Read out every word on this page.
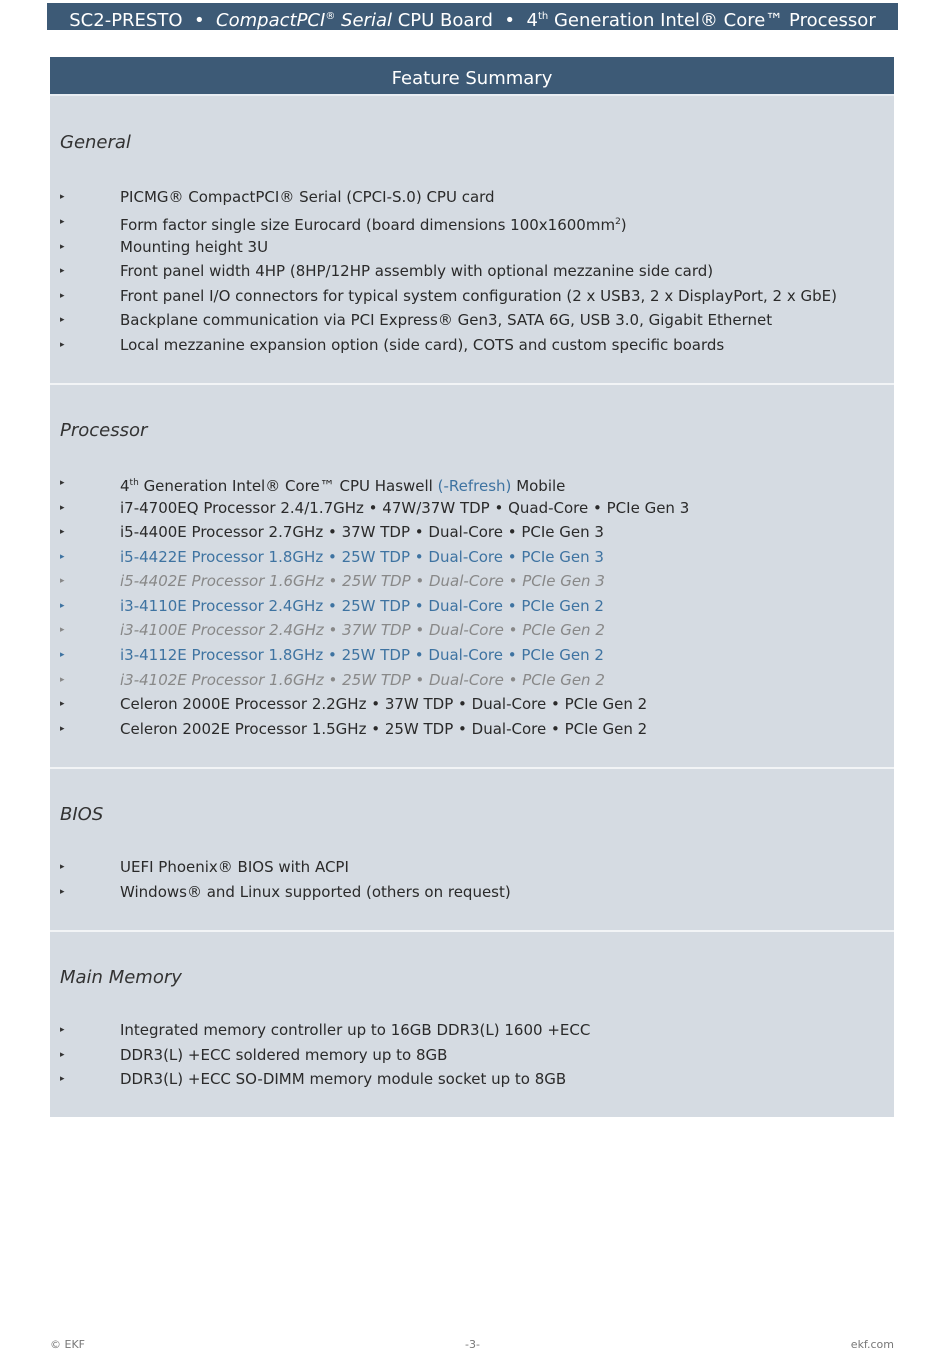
SC2-PRESTO • CompactPCI® Serial CPU Board • 4th Generation Intel® Core™ Processor
Feature Summary
General
▸	PICMG® CompactPCI® Serial (CPCI-S.0) CPU card
▸	Form factor single size Eurocard (board dimensions $100x1600mm^2$)
▸	Mounting height 3U
▸	Front panel width 4HP (8HP/12HP assembly with optional mezzanine side card)
▸	Front panel I/O connectors for typical system configuration (2 x USB3, 2 x DisplayPort, 2 x GbE)
▸	Backplane communication via PCI Express® Gen3, SATA 6G, USB 3.0, Gigabit Ethernet
▸	Local mezzanine expansion option (side card), COTS and custom specific boards
Processor
▸	4th Generation Intel® Core™ CPU Haswell (-Refresh) Mobile
▸	i7-4700EQ Processor 2.4/1.7GHz • 47W/37W TDP • Quad-Core • PCIe Gen 3
▸	i5-4400E Processor 2.7GHz • 37W TDP • Dual-Core • PCIe Gen 3
▸	i5-4422E Processor 1.8GHz • 25W TDP • Dual-Core • PCIe Gen 3
▸	i5-4402E Processor 1.6GHz • 25W TDP • Dual-Core • PCIe Gen 3
▸	i3-4110E Processor 2.4GHz • 25W TDP • Dual-Core • PCIe Gen 2
▸	i3-4100E Processor 2.4GHz • 37W TDP • Dual-Core • PCIe Gen 2
▸	i3-4112E Processor 1.8GHz • 25W TDP • Dual-Core • PCIe Gen 2
▸	i3-4102E Processor 1.6GHz • 25W TDP • Dual-Core • PCIe Gen 2
▸	Celeron 2000E Processor 2.2GHz • 37W TDP • Dual-Core • PCIe Gen 2
▸	Celeron 2002E Processor 1.5GHz • 25W TDP • Dual-Core • PCIe Gen 2
BIOS
▸	UEFI Phoenix® BIOS with ACPI
▸	Windows® and Linux supported (others on request)
Main Memory
▸	Integrated memory controller up to 16GB DDR3(L) 1600 +ECC
▸	DDR3(L) +ECC soldered memory up to 8GB
▸	DDR3(L) +ECC SO-DIMM memory module socket up to 8GB
© EKF	-3-	ekf.com
